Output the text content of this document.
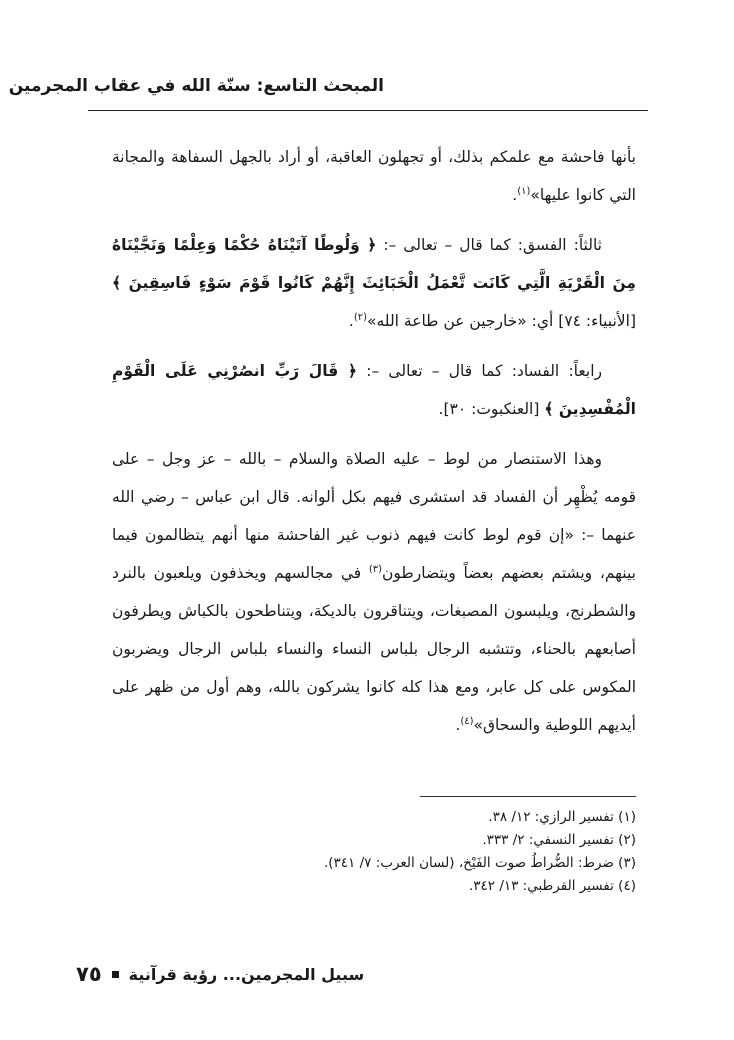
المبحث التاسع: سنّة الله في عقاب المجرمين

بأنها فاحشة مع علمكم بذلك، أو تجهلون العاقبة، أو أراد بالجهل السفاهة والمجانة التي كانوا عليها»$^{(١)}$.

ثالثاً: الفسق: كما قال – تعالى –: ﴿ وَلُوطًا آتَيْنَاهُ حُكْمًا وَعِلْمًا وَنَجَّيْنَاهُ مِنَ الْقَرْيَةِ الَّتِي كَانَت تَّعْمَلُ الْخَبَائِثَ إِنَّهُمْ كَانُوا قَوْمَ سَوْءٍ فَاسِقِينَ ﴾ [الأنبياء: ٧٤] أي: «خارجين عن طاعة الله»$^{(٢)}$.

رابعاً: الفساد: كما قال – تعالى –: ﴿ قَالَ رَبِّ انصُرْنِي عَلَى الْقَوْمِ الْمُفْسِدِينَ ﴾ [العنكبوت: ٣٠].

وهذا الاستنصار من لوط – عليه الصلاة والسلام – بالله – عز وجل – على قومه يُظْهِر أن الفساد قد استشرى فيهم بكل ألوانه. قال ابن عباس – رضي الله عنهما –: «إن قوم لوط كانت فيهم ذنوب غير الفاحشة منها أنهم يتظالمون فيما بينهم، ويشتم بعضهم بعضاً ويتضارطون$^{(٣)}$ في مجالسهم ويخذفون ويلعبون بالنرد والشطرنج، ويلبسون المصبغات، ويتناقرون بالديكة، ويتناطحون بالكباش ويطرفون أصابعهم بالحناء، وتتشبه الرجال بلباس النساء والنساء بلباس الرجال ويضربون المكوس على كل عابر، ومع هذا كله كانوا يشركون بالله، وهم أول من ظهر على أيديهم اللوطية والسحاق»$^{(٤)}$.

(١) تفسير الرازي: ١٢/ ٣٨.
(٢) تفسير النسفي: ٢/ ٣٣٣.
(٣) ضرط: الضُّراطُ صوت الفَيْخ، (لسان العرب: ٧/ ٣٤١).
(٤) تفسير القرطبي: ١٣/ ٣٤٢.
٧٥ سبيل المجرمين... رؤية قرآنية
